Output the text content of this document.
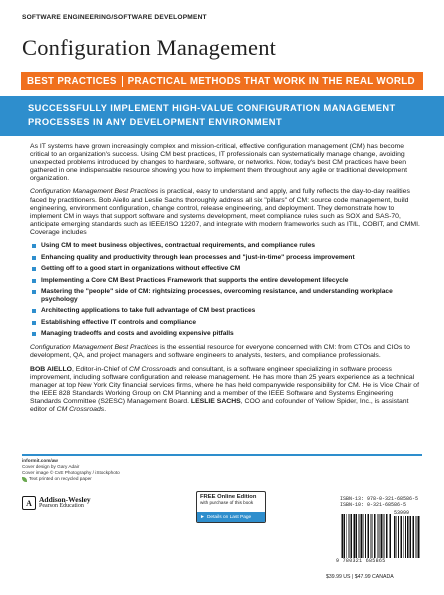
SOFTWARE ENGINEERING/SOFTWARE DEVELOPMENT
Configuration Management
BEST PRACTICES PRACTICAL METHODS THAT WORK IN THE REAL WORLD
SUCCESSFULLY IMPLEMENT HIGH-VALUE CONFIGURATION MANAGEMENT
PROCESSES IN ANY DEVELOPMENT ENVIRONMENT

As IT systems have grown increasingly complex and mission-critical, effective configuration management (CM) has become critical to an organization's success. Using CM best practices, IT professionals can systematically manage change, avoiding unexpected problems introduced by changes to hardware, software, or networks. Now, today's best CM practices have been gathered in one indispensable resource showing you how to implement them throughout any agile or traditional development organization.

Configuration Management Best Practices is practical, easy to understand and apply, and fully reflects the day-to-day realities faced by practitioners. Bob Aiello and Leslie Sachs thoroughly address all six "pillars" of CM: source code management, build engineering, environment configuration, change control, release engineering, and deployment. They demonstrate how to implement CM in ways that support software and systems development, meet compliance rules such as SOX and SAS-70, anticipate emerging standards such as IEEE/ISO 12207, and integrate with modern frameworks such as ITIL, COBIT, and CMMI. Coverage includes

Using CM to meet business objectives, contractual requirements, and compliance rules
Enhancing quality and productivity through lean processes and "just-in-time" process improvement
Getting off to a good start in organizations without effective CM
Implementing a Core CM Best Practices Framework that supports the entire development lifecycle
Mastering the "people" side of CM: rightsizing processes, overcoming resistance, and understanding workplace psychology
Architecting applications to take full advantage of CM best practices
Establishing effective IT controls and compliance
Managing tradeoffs and costs and avoiding expensive pitfalls

Configuration Management Best Practices is the essential resource for everyone concerned with CM: from CTOs and CIOs to development, QA, and project managers and software engineers to analysts, testers, and compliance professionals.

BOB AIELLO, Editor-in-Chief of CM Crossroads and consultant, is a software engineer specializing in software process improvement, including software configuration and release management. He has more than 25 years experience as a technical manager at top New York City financial services firms, where he has held companywide responsibility for CM. He is Vice Chair of the IEEE 828 Standards Working Group on CM Planning and a member of the IEEE Software and Systems Engineering Standards Committee (S2ESC) Management Board. LESLIE SACHS, COO and cofounder of Yellow Spider, Inc., is assistant editor of CM Crossroads.

informit.com/aw
Cover design by Gary Adair
Cover image © CvE Photography / iStockphoto
Text printed on recycled paper
A Addison-Wesley
Pearson Education
FREE Online Edition
with purchase of this book
► Details on Last Page
ISBN-13: 978-0-321-68586-5
ISBN-10: 0-321-68586-5
53999
9 780321 685865
$39.99 US | $47.99 CANADA
